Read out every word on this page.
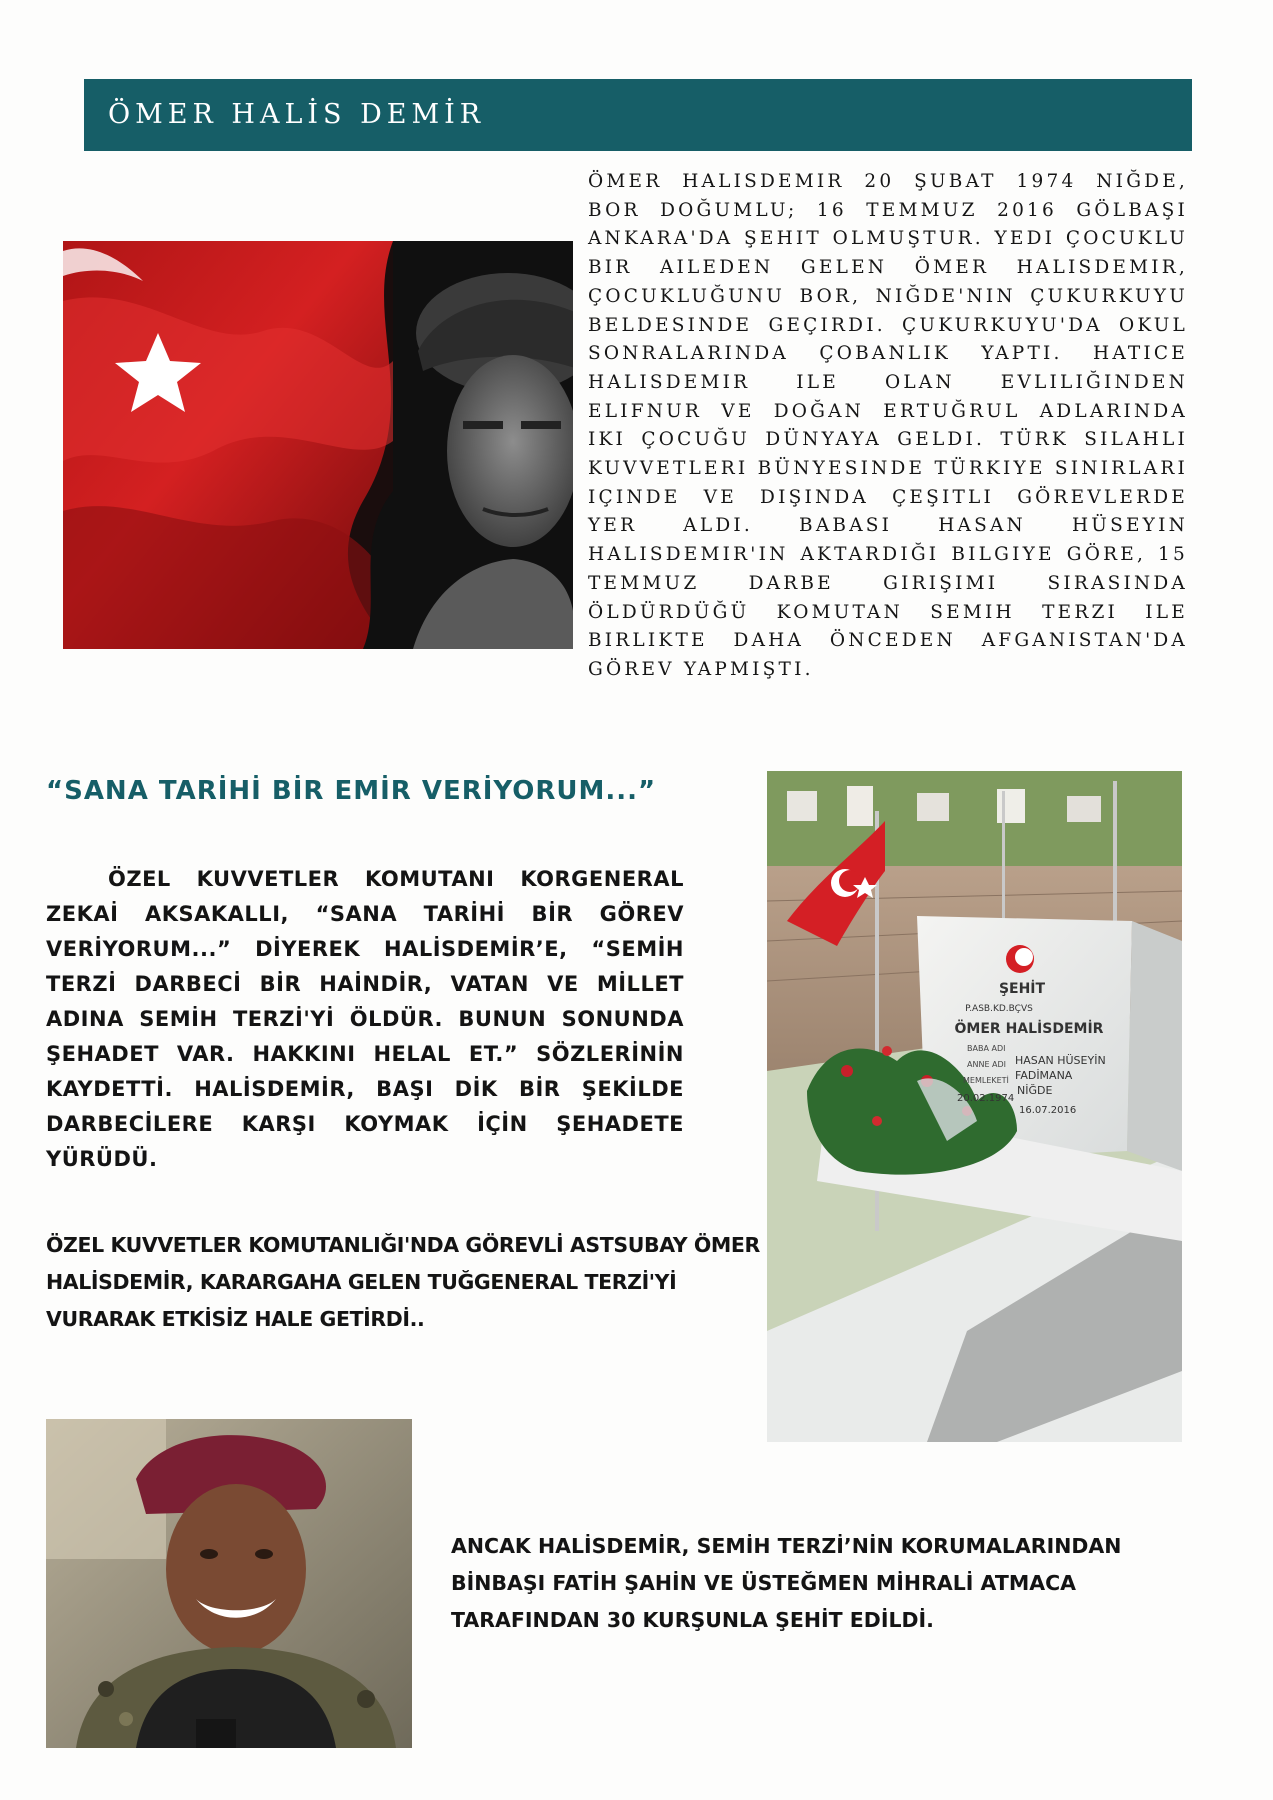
ÖMER HALİS DEMİR

ÖMER HALISDEMIR 20 ŞUBAT 1974 NIĞDE, BOR DOĞUMLU; 16 TEMMUZ 2016 GÖLBAŞI ANKARA'DA ŞEHIT OLMUŞTUR. YEDI ÇOCUKLU BIR AILEDEN GELEN ÖMER HALISDEMIR, ÇOCUKLUĞUNU BOR, NIĞDE'NIN ÇUKURKUYU BELDESINDE GEÇIRDI. ÇUKURKUYU'DA OKUL SONRALARINDA ÇOBANLIK YAPTI. HATICE HALISDEMIR ILE OLAN EVLILIĞINDEN ELIFNUR VE DOĞAN ERTUĞRUL ADLARINDA IKI ÇOCUĞU DÜNYAYA GELDI. TÜRK SILAHLI KUVVETLERI BÜNYESINDE TÜRKIYE SINIRLARI IÇINDE VE DIŞINDA ÇEŞITLI GÖREVLERDE YER ALDI. BABASI HASAN HÜSEYIN HALISDEMIR'IN AKTARDIĞI BILGIYE GÖRE, 15 TEMMUZ DARBE GIRIŞIMI SIRASINDA ÖLDÜRDÜĞÜ KOMUTAN SEMIH TERZI ILE BIRLIKTE DAHA ÖNCEDEN AFGANISTAN'DA GÖREV YAPMIŞTI.

“SANA TARİHİ BİR EMİR VERİYORUM...”

ÖZEL KUVVETLER KOMUTANI KORGENERAL ZEKAİ AKSAKALLI, “SANA TARİHİ BİR GÖREV VERİYORUM...” DİYEREK HALİSDEMİR’E, “SEMİH TERZİ DARBECİ BİR HAİNDİR, VATAN VE MİLLET ADINA SEMİH TERZİ'Yİ ÖLDÜR. BUNUN SONUNDA ŞEHADET VAR. HAKKINI HELAL ET.” SÖZLERİNİN KAYDETTİ. HALİSDEMİR, BAŞI DİK BİR ŞEKİLDE DARBECİLERE KARŞI KOYMAK İÇİN ŞEHADETE YÜRÜDÜ.

ŞEHİT
P.ASB.KD.BÇVS
ÖMER HALİSDEMİR
BABA ADI
HASAN HÜSEYİN
ANNE ADI
FADİMANA
MEMLEKETİ
NİĞDE
20.02.1974
16.07.2016

ÖZEL KUVVETLER KOMUTANLIĞI'NDA GÖREVLİ ASTSUBAY ÖMER HALİSDEMİR, KARARGAHA GELEN TUĞGENERAL TERZİ'Yİ VURARAK ETKİSİZ HALE GETİRDİ..

ANCAK HALİSDEMİR, SEMİH TERZİ’NİN KORUMALARINDAN BİNBAŞI FATİH ŞAHİN VE ÜSTEĞMEN MİHRALİ ATMACA TARAFINDAN 30 KURŞUNLA ŞEHİT EDİLDİ.
